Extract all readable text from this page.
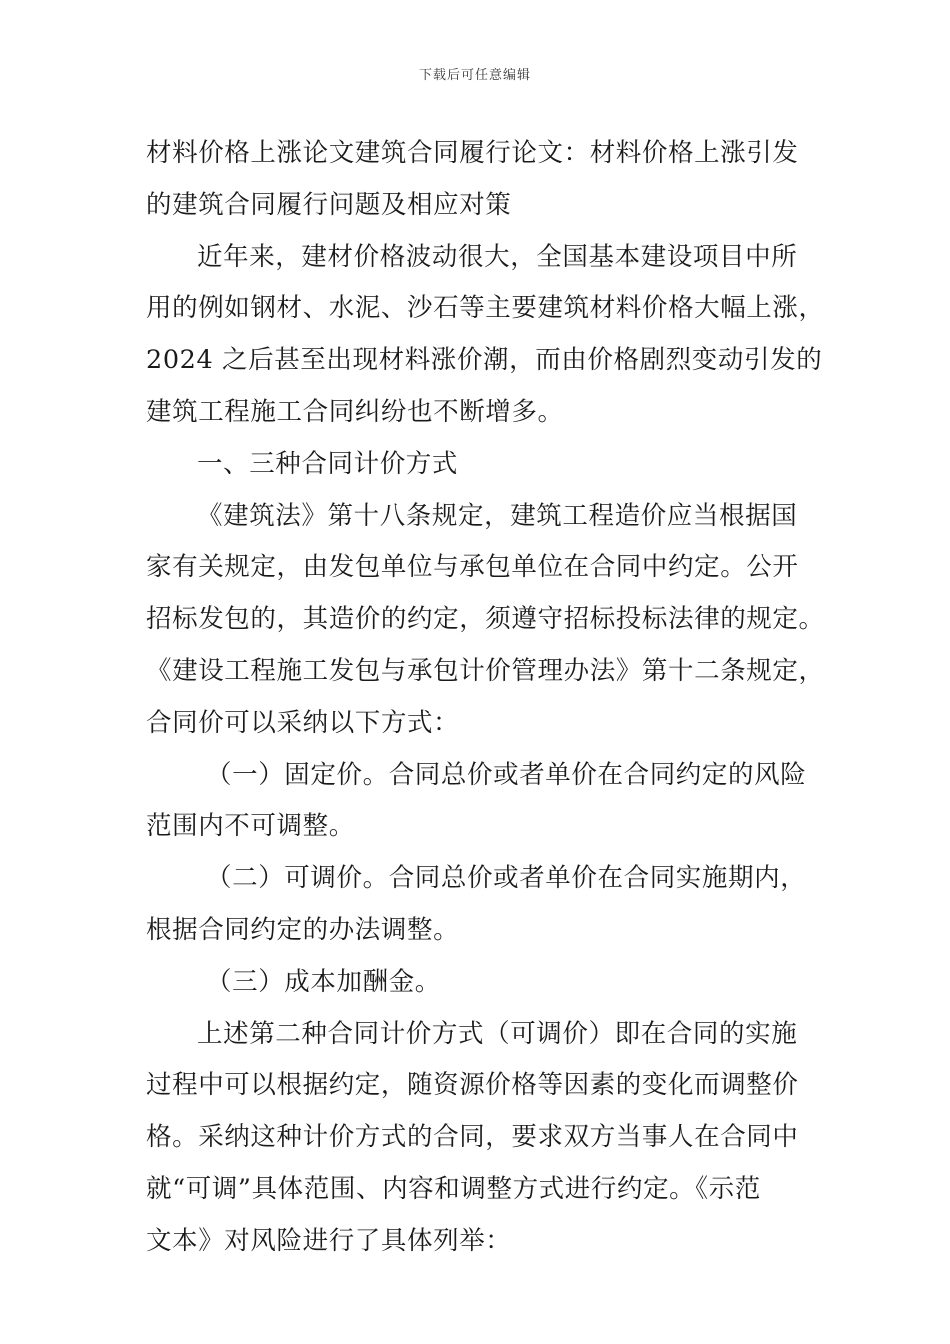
下载后可任意编辑
材料价格上涨论文建筑合同履行论文：材料价格上涨引发
的建筑合同履行问题及相应对策
近年来，建材价格波动很大，全国基本建设项目中所
用的例如钢材、水泥、沙石等主要建筑材料价格大幅上涨，
2024 之后甚至出现材料涨价潮，而由价格剧烈变动引发的
建筑工程施工合同纠纷也不断增多。
一、三种合同计价方式
《建筑法》第十八条规定，建筑工程造价应当根据国
家有关规定，由发包单位与承包单位在合同中约定。公开
招标发包的，其造价的约定，须遵守招标投标法律的规定。
《建设工程施工发包与承包计价管理办法》第十二条规定，
合同价可以采纳以下方式：
（一）固定价。合同总价或者单价在合同约定的风险
范围内不可调整。
（二）可调价。合同总价或者单价在合同实施期内，
根据合同约定的办法调整。
（三）成本加酬金。
上述第二种合同计价方式（可调价）即在合同的实施
过程中可以根据约定，随资源价格等因素的变化而调整价
格。采纳这种计价方式的合同，要求双方当事人在合同中
就“可调”具体范围、内容和调整方式进行约定。《示范
文本》对风险进行了具体列举：
